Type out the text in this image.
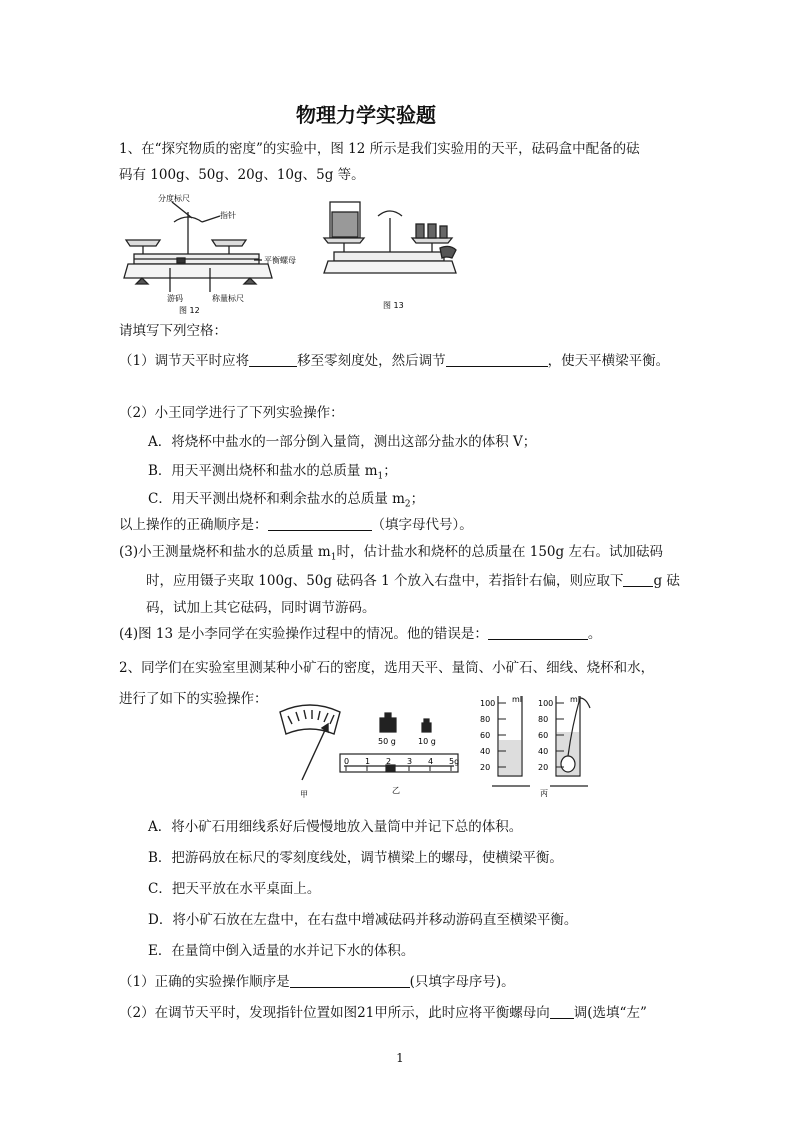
物理力学实验题
1、在“探究物质的密度”的实验中，图 12 所示是我们实验用的天平，砝码盒中配备的砝
码有 100g、50g、20g、10g、5g 等。
分度标尺
指针
平衡螺母
游码	称量标尺
图 12
图 13
请填写下列空格：
（1）调节天平时应将	移至零刻度处，然后调节	，使天平横梁平衡。
（2）小王同学进行了下列实验操作：
A．将烧杯中盐水的一部分倒入量筒，测出这部分盐水的体积 V；
B．用天平测出烧杯和盐水的总质量 $m_1$；
C．用天平测出烧杯和剩余盐水的总质量 $m_2$；
以上操作的正确顺序是：	（填字母代号）。
(3)小王测量烧杯和盐水的总质量 $m_1$时，估计盐水和烧杯的总质量在 150g 左右。试加砝码
时，应用镊子夹取 100g、50g 砝码各 1 个放入右盘中，若指针右偏，则应取下 g 砝
码，试加上其它砝码，同时调节游码。
(4)图 13 是小李同学在实验操作过程中的情况。他的错误是：	。
2、同学们在实验室里测某种小矿石的密度，选用天平、量筒、小矿石、细线、烧杯和水，
进行了如下的实验操作：
甲
50 g	10 g
0 1 2 3 4 5g
乙
100
80
60
40
20
100
80
60
40
20
ml	ml
丙
A．将小矿石用细线系好后慢慢地放入量筒中并记下总的体积。
B．把游码放在标尺的零刻度线处，调节横梁上的螺母，使横梁平衡。
C．把天平放在水平桌面上。
D．将小矿石放在左盘中，在右盘中增减砝码并移动游码直至横梁平衡。
E．在量筒中倒入适量的水并记下水的体积。
（1）正确的实验操作顺序是	(只填字母序号)。
（2）在调节天平时，发现指针位置如图21甲所示，此时应将平衡螺母向 调(选填“左”
1
